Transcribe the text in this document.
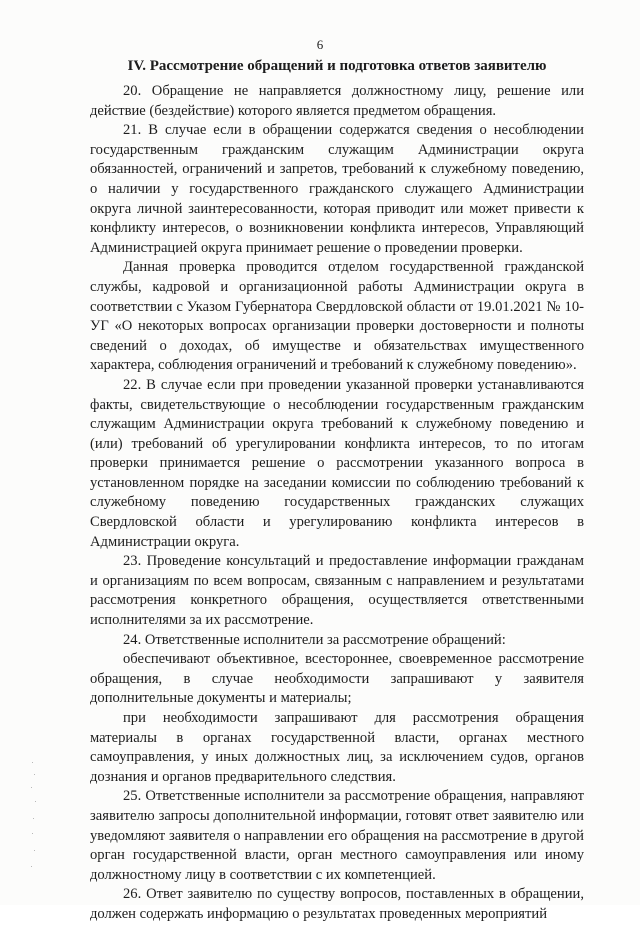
6
IV. Рассмотрение обращений и подготовка ответов заявителю

20. Обращение не направляется должностному лицу, решение или действие (бездействие) которого является предметом обращения.

21. В случае если в обращении содержатся сведения о несоблюдении государственным гражданским служащим Администрации округа обязанностей, ограничений и запретов, требований к служебному поведению, о наличии у государственного гражданского служащего Администрации округа личной заинтересованности, которая приводит или может привести к конфликту интересов, о возникновении конфликта интересов, Управляющий Администрацией округа принимает решение о проведении проверки.

Данная проверка проводится отделом государственной гражданской службы, кадровой и организационной работы Администрации округа в соответствии с Указом Губернатора Свердловской области от 19.01.2021 № 10-УГ «О некоторых вопросах организации проверки достоверности и полноты сведений о доходах, об имуществе и обязательствах имущественного характера, соблюдения ограничений и требований к служебному поведению».

22. В случае если при проведении указанной проверки устанавливаются факты, свидетельствующие о несоблюдении государственным гражданским служащим Администрации округа требований к служебному поведению и (или) требований об урегулировании конфликта интересов, то по итогам проверки принимается решение о рассмотрении указанного вопроса в установленном порядке на заседании комиссии по соблюдению требований к служебному поведению государственных гражданских служащих Свердловской области и урегулированию конфликта интересов в Администрации округа.

23. Проведение консультаций и предоставление информации гражданам и организациям по всем вопросам, связанным с направлением и результатами рассмотрения конкретного обращения, осуществляется ответственными исполнителями за их рассмотрение.

24. Ответственные исполнители за рассмотрение обращений:

обеспечивают объективное, всестороннее, своевременное рассмотрение обращения, в случае необходимости запрашивают у заявителя дополнительные документы и материалы;

при необходимости запрашивают для рассмотрения обращения материалы в органах государственной власти, органах местного самоуправления, у иных должностных лиц, за исключением судов, органов дознания и органов предварительного следствия.

25. Ответственные исполнители за рассмотрение обращения, направляют заявителю запросы дополнительной информации, готовят ответ заявителю или уведомляют заявителя о направлении его обращения на рассмотрение в другой орган государственной власти, орган местного самоуправления или иному должностному лицу в соответствии с их компетенцией.

26. Ответ заявителю по существу вопросов, поставленных в обращении, должен содержать информацию о результатах проведенных мероприятий
